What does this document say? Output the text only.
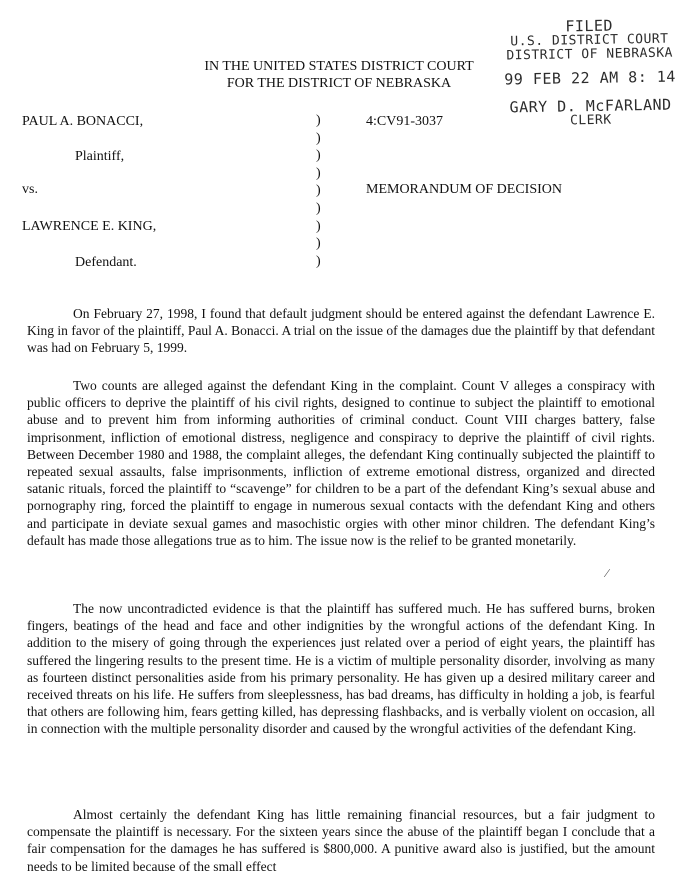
IN THE UNITED STATES DISTRICT COURT
FOR THE DISTRICT OF NEBRASKA
FILED
U.S. DISTRICT COURT
DISTRICT OF NEBRASKA
99 FEB 22 AM 8: 14
GARY D. McFARLAND
CLERK
PAUL A. BONACCI,
Plaintiff,
vs.
LAWRENCE E. KING,
Defendant.
)
)
)
)
)
)
)
)
)
4:CV91-3037
MEMORANDUM OF DECISION

On February 27, 1998, I found that default judgment should be entered against the defendant Lawrence E. King in favor of the plaintiff, Paul A. Bonacci. A trial on the issue of the damages due the plaintiff by that defendant was had on February 5, 1999.

Two counts are alleged against the defendant King in the complaint. Count V alleges a conspiracy with public officers to deprive the plaintiff of his civil rights, designed to continue to subject the plaintiff to emotional abuse and to prevent him from informing authorities of criminal conduct. Count VIII charges battery, false imprisonment, infliction of emotional distress, negligence and conspiracy to deprive the plaintiff of civil rights. Between December 1980 and 1988, the complaint alleges, the defendant King continually subjected the plaintiff to repeated sexual assaults, false imprisonments, infliction of extreme emotional distress, organized and directed satanic rituals, forced the plaintiff to “scavenge” for children to be a part of the defendant King’s sexual abuse and pornography ring, forced the plaintiff to engage in numerous sexual contacts with the defendant King and others and participate in deviate sexual games and masochistic orgies with other minor children. The defendant King’s default has made those allegations true as to him. The issue now is the relief to be granted monetarily.

The now uncontradicted evidence is that the plaintiff has suffered much. He has suffered burns, broken fingers, beatings of the head and face and other indignities by the wrongful actions of the defendant King. In addition to the misery of going through the experiences just related over a period of eight years, the plaintiff has suffered the lingering results to the present time. He is a victim of multiple personality disorder, involving as many as fourteen distinct personalities aside from his primary personality. He has given up a desired military career and received threats on his life. He suffers from sleeplessness, has bad dreams, has difficulty in holding a job, is fearful that others are following him, fears getting killed, has depressing flashbacks, and is verbally violent on occasion, all in connection with the multiple personality disorder and caused by the wrongful activities of the defendant King.

Almost certainly the defendant King has little remaining financial resources, but a fair judgment to compensate the plaintiff is necessary. For the sixteen years since the abuse of the plaintiff began I conclude that a fair compensation for the damages he has suffered is $800,000. A punitive award also is justified, but the amount needs to be limited because of the small effect

∕
